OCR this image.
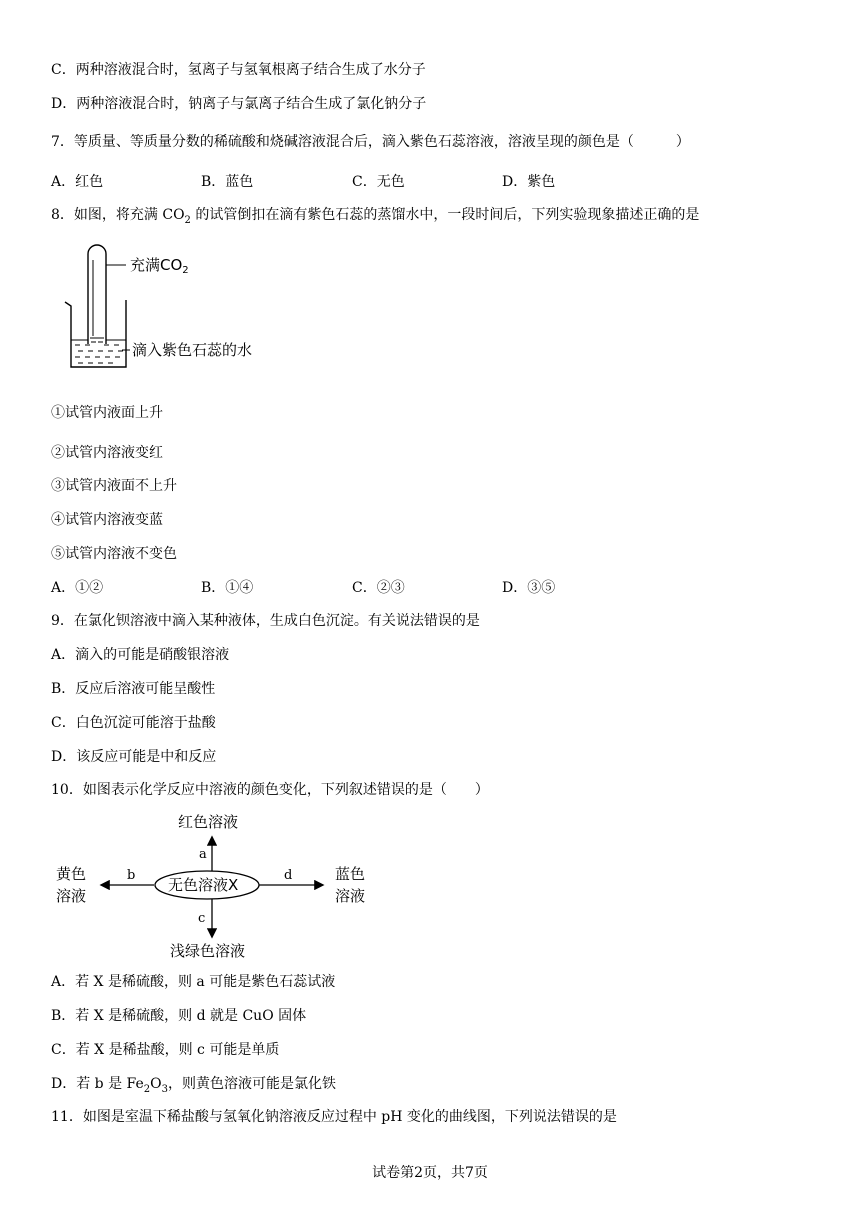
C．两种溶液混合时，氢离子与氢氧根离子结合生成了水分子
D．两种溶液混合时，钠离子与氯离子结合生成了氯化钠分子
7．等质量、等质量分数的稀硫酸和烧碱溶液混合后，滴入紫色石蕊溶液，溶液呈现的颜色是（　　　）
A．红色	B．蓝色	C．无色	D．紫色
8．如图，将充满 $CO_2$ 的试管倒扣在滴有紫色石蕊的蒸馏水中，一段时间后，下列实验现象描述正确的是
充满$CO_2$
滴入紫色石蕊的水
①试管内液面上升
②试管内溶液变红
③试管内液面不上升
④试管内溶液变蓝
⑤试管内溶液不变色
A．①②	B．①④	C．②③	D．③⑤
9．在氯化钡溶液中滴入某种液体，生成白色沉淀。有关说法错误的是
A．滴入的可能是硝酸银溶液
B．反应后溶液可能呈酸性
C．白色沉淀可能溶于盐酸
D．该反应可能是中和反应
10．如图表示化学反应中溶液的颜色变化，下列叙述错误的是（　　）
红色溶液
a
无色溶液X
b	d
c
黄色
溶液
蓝色
溶液
浅绿色溶液
A．若 X 是稀硫酸，则 a 可能是紫色石蕊试液
B．若 X 是稀硫酸，则 d 就是 CuO 固体
C．若 X 是稀盐酸，则 c 可能是单质
D．若 b 是 $Fe_2O_3$，则黄色溶液可能是氯化铁
11．如图是室温下稀盐酸与氢氧化钠溶液反应过程中 pH 变化的曲线图，下列说法错误的是
试卷第2页，共7页
